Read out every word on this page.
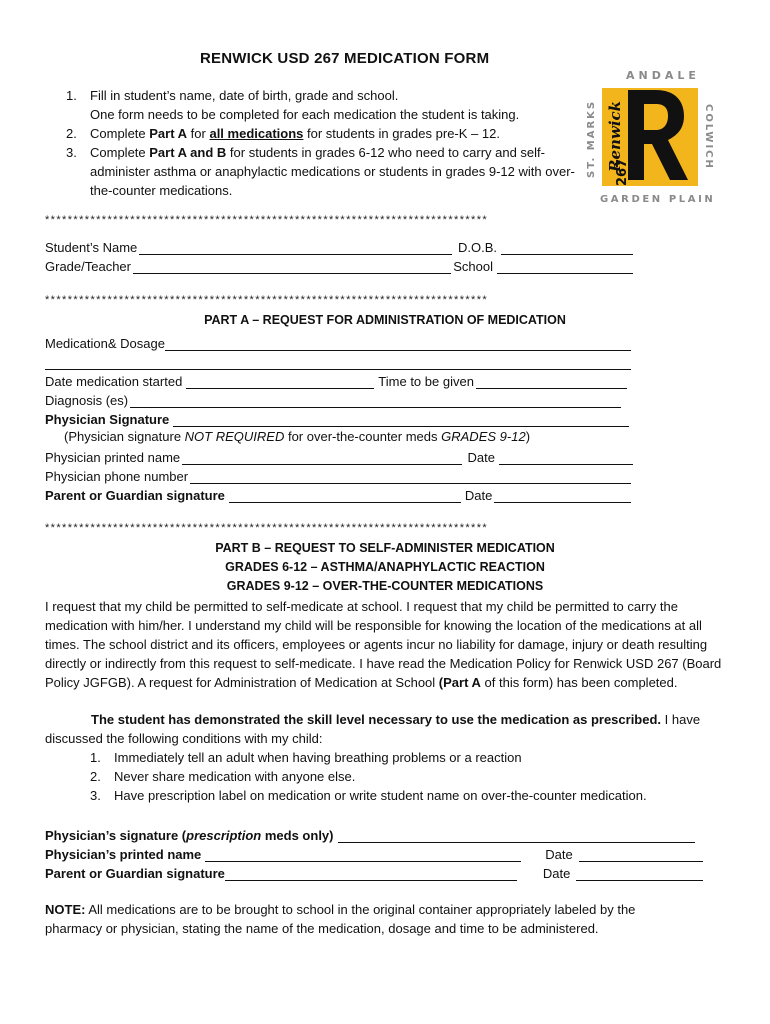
RENWICK USD 267 MEDICATION FORM
1.	Fill in student’s name, date of birth, grade and school.
One form needs to be completed for each medication the student is taking.
2.	Complete Part A for all medications for students in grades pre-K – 12.
3.	Complete Part A and B for students in grades 6-12 who need to carry and self-administer asthma or anaphylactic medications or students in grades 9-12 with over-the-counter medications.
ANDALE
ST. MARKS	COLWICH
GARDEN PLAIN
Renwick
267
******************************************************************************
Student’s Name	D.O.B.
Grade/Teacher	School
******************************************************************************
PART A – REQUEST FOR ADMINISTRATION OF MEDICATION
Medication& Dosage
Date medication started	Time to be given
Diagnosis (es)
Physician Signature
(Physician signature NOT REQUIRED for over-the-counter meds GRADES 9-12)
Physician printed name	Date
Physician phone number
Parent or Guardian signature	Date
******************************************************************************
PART B – REQUEST TO SELF-ADMINISTER MEDICATION
GRADES 6-12 – ASTHMA/ANAPHYLACTIC REACTION
GRADES 9-12 – OVER-THE-COUNTER MEDICATIONS
I request that my child be permitted to self-medicate at school. I request that my child be permitted to carry the medication with him/her. I understand my child will be responsible for knowing the location of the medications at all times. The school district and its officers, employees or agents incur no liability for damage, injury or death resulting directly or indirectly from this request to self-medicate. I have read the Medication Policy for Renwick USD 267 (Board Policy JGFGB). A request for Administration of Medication at School (Part A of this form) has been completed.
The student has demonstrated the skill level necessary to use the medication as prescribed. I have discussed the following conditions with my child:
1.	Immediately tell an adult when having breathing problems or a reaction
2.	Never share medication with anyone else.
3.	Have prescription label on medication or write student name on over-the-counter medication.
Physician’s signature (prescription meds only)
Physician’s printed name	Date
Parent or Guardian signature	Date
NOTE: All medications are to be brought to school in the original container appropriately labeled by the pharmacy or physician, stating the name of the medication, dosage and time to be administered.
